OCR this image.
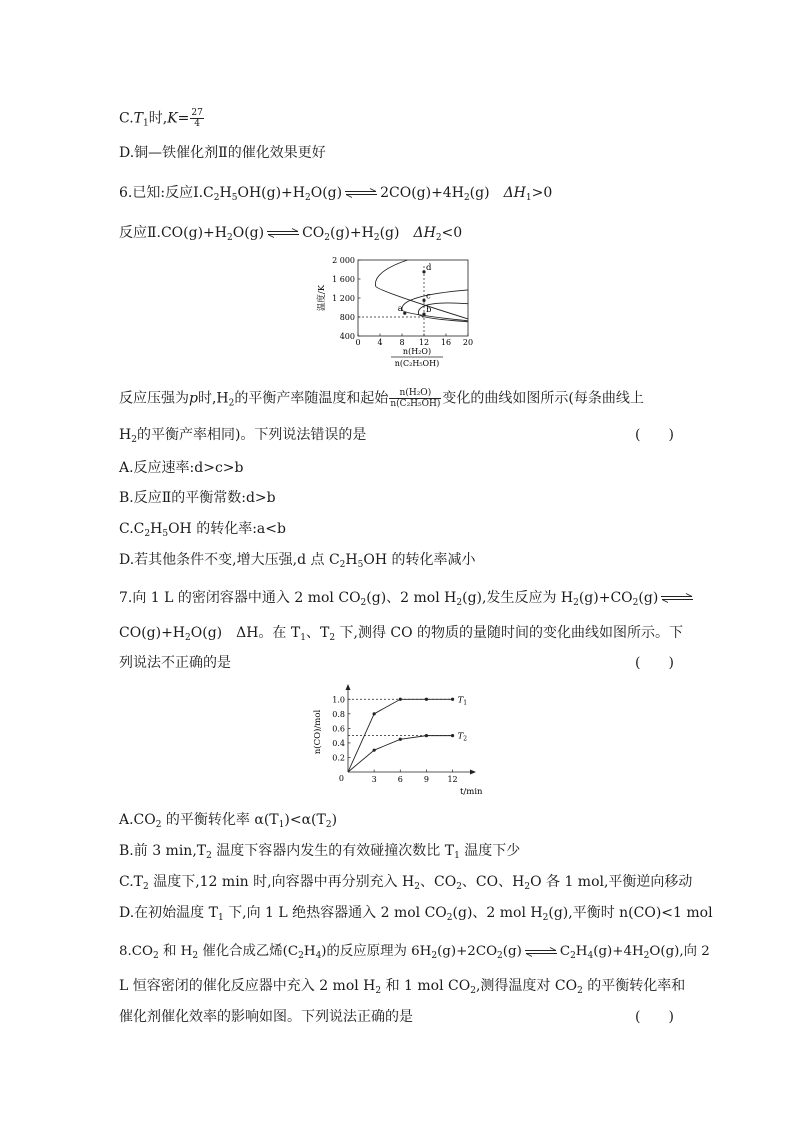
$C.T_1$时$,K= \frac{27}{4}$
D.铜—铁催化剂Ⅱ的催化效果更好
6.已知:反应$Ⅰ.C_2H_5OH(g)+H_2O(g)$	$2CO(g)+4H_2(g)$  $\Delta H_1>0$
反应$Ⅱ.CO(g)+H_2O(g)$	$CO_2(g)+H_2(g)$  $\Delta H_2<0$
0 4 8 12 16 20
400
800
1 200
1 600
2 000
温度/K
n(H₂O)
n(C₂H₅OH)
a	b
c
d
反应压强为p时$,H_2$的平衡产率随温度和起始 $\frac{\text{n(H₂O)}}{\text{n(C₂H₅OH)}}$ 变化的曲线如图所示(每条曲线上
$H_2$的平衡产率相同)。下列说法错误的是	(　　)
A.反应速率:d>c>b
B.反应Ⅱ的平衡常数:d>b
$C.C_2H_5OH$ 的转化率:a<b
D.若其他条件不变,增大压强,d 点 $C_2H_5OH$ 的转化率减小
7.向 1 L 的密闭容器中通入 2 mol $CO_2(g)$、2 mol $H_2(g)$,发生反应为 $H_2(g)+CO_2(g)$
$CO(g)+H_2O(g)$　ΔH。在 $T_1$、$T_2$ 下,测得 CO 的物质的量随时间的变化曲线如图所示。下
列说法不正确的是	(　　)
0	3	6	9 12
0.2
0.4
0.6
0.8
1.0
n(CO)/mol
t/min
$T_1$
$T_2$
$A.CO_2$ 的平衡转化率 $\alpha(T_1)<\alpha(T_2)$
B.前 3 $\min,T_2$ 温度下容器内发生的有效碰撞次数比 $T_1$ 温度下少
$C.T_2$ 温度下,12 min 时,向容器中再分别充入 $H_2$、$CO_2$、CO、$H_2O$ 各 1 mol,平衡逆向移动
D.在初始温度 $T_1$ 下,向 1 L 绝热容器通入 2 mol $CO_2(g)$、2 mol $H_2(g)$,平衡时 n(CO)<1 mol
$8.CO_2$ 和 $H_2$ 催化合成乙烯$(C_2H_4)$的反应原理为 $6H_2(g)+2CO_2(g)$	$C_2H_4(g)+4H_2O(g)$,向 2
L 恒容密闭的催化反应器中充入 2 mol $H_2$ 和 1 mol $CO_2$,测得温度对 $CO_2$ 的平衡转化率和
催化剂催化效率的影响如图。下列说法正确的是	(　　)
